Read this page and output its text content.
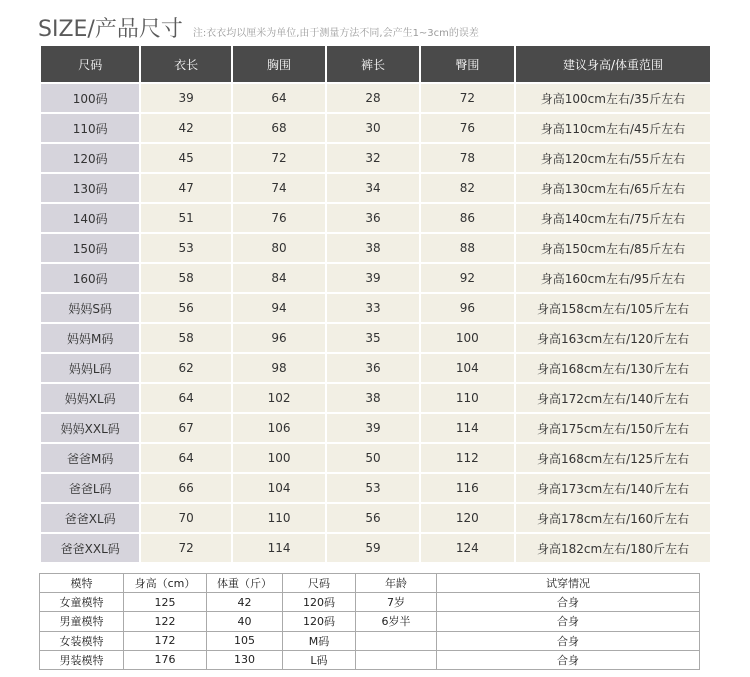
SIZE/产品尺寸 注:衣衣均以厘米为单位,由于测量方法不同,会产生1~3cm的误差
尺码	衣长	胸围	裤长	臀围	建议身高/体重范围
100码	39	64	28	72	身高100cm左右/35斤左右
110码	42	68	30	76	身高110cm左右/45斤左右
120码	45	72	32	78	身高120cm左右/55斤左右
130码	47	74	34	82	身高130cm左右/65斤左右
140码	51	76	36	86	身高140cm左右/75斤左右
150码	53	80	38	88	身高150cm左右/85斤左右
160码	58	84	39	92	身高160cm左右/95斤左右
妈妈S码	56	94	33	96	身高158cm左右/105斤左右
妈妈M码	58	96	35	100	身高163cm左右/120斤左右
妈妈L码	62	98	36	104	身高168cm左右/130斤左右
妈妈XL码	64	102	38	110	身高172cm左右/140斤左右
妈妈XXL码	67	106	39	114	身高175cm左右/150斤左右
爸爸M码	64	100	50	112	身高168cm左右/125斤左右
爸爸L码	66	104	53	116	身高173cm左右/140斤左右
爸爸XL码	70	110	56	120	身高178cm左右/160斤左右
爸爸XXL码	72	114	59	124	身高182cm左右/180斤左右
模特	身高（cm）	体重（斤）	尺码	年龄	试穿情况
女童模特	125	42	120码	7岁	合身
男童模特	122	40	120码	6岁半	合身
女装模特	172	105	M码		合身
男装模特	176	130	L码		合身
